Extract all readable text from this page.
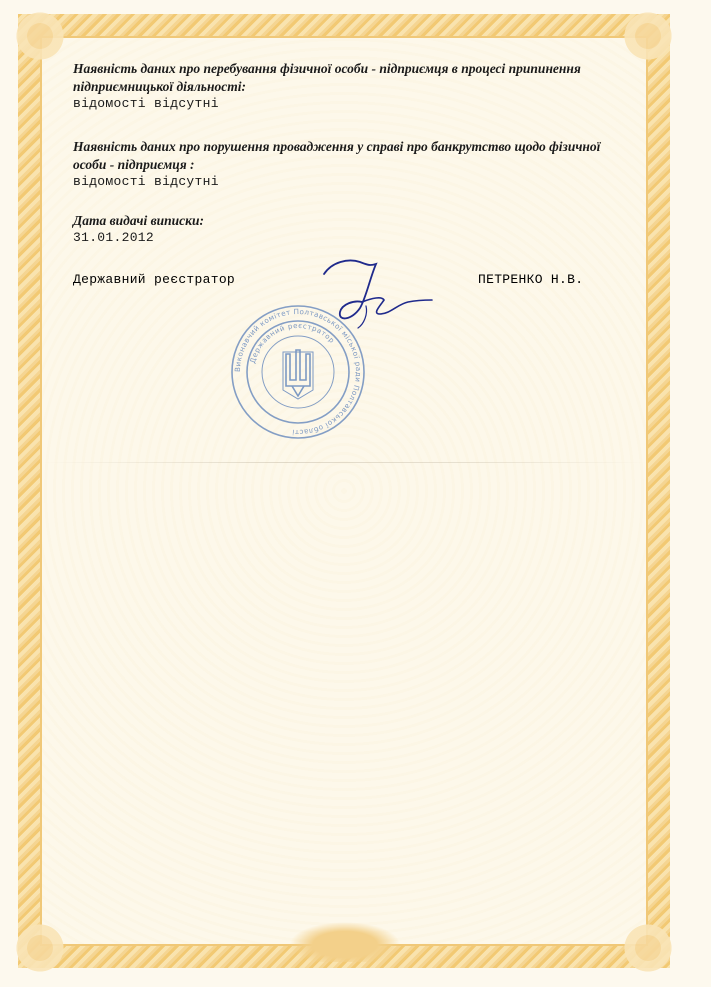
Наявність даних про перебування фізичної особи - підприємця в процесі припинення підприємницької діяльності:

відомості відсутні

Наявність даних про порушення провадження у справі про банкрутство щодо фізичної особи - підприємця :

відомості відсутні

Дата видачі виписки:

31.01.2012

Державний реєстратор	ПЕТРЕНКО Н.В.
Виконавчий комітет Полтавської міської ради Полтавської області
Державний реєстратор
